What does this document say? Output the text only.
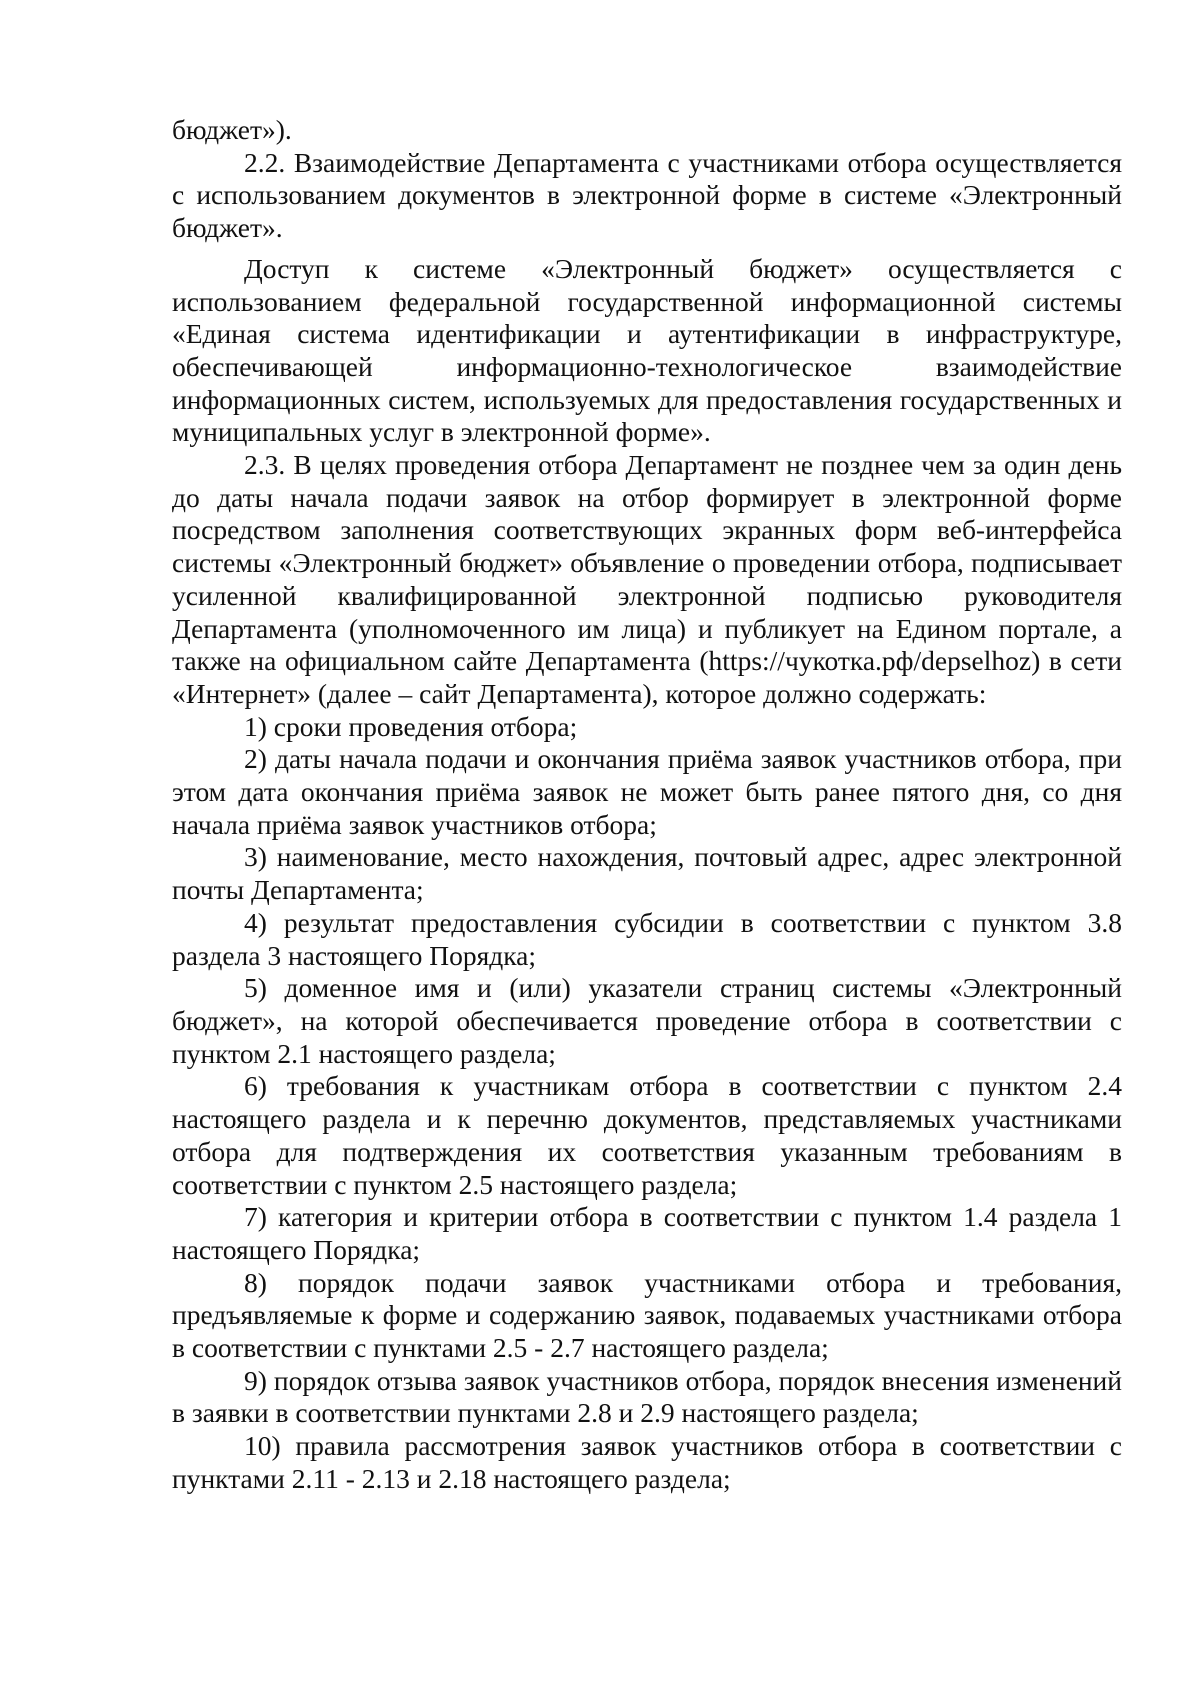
бюджет»).

2.2. Взаимодействие Департамента с участниками отбора осуществляется с использованием документов в электронной форме в системе «Электронный бюджет».

Доступ к системе «Электронный бюджет» осуществляется с использованием федеральной государственной информационной системы «Единая система идентификации и аутентификации в инфраструктуре, обеспечивающей информационно-технологическое взаимодействие информационных систем, используемых для предоставления государственных и муниципальных услуг в электронной форме».

2.3. В целях проведения отбора Департамент не позднее чем за один день до даты начала подачи заявок на отбор формирует в электронной форме посредством заполнения соответствующих экранных форм веб-интерфейса системы «Электронный бюджет» объявление о проведении отбора, подписывает усиленной квалифицированной электронной подписью руководителя Департамента (уполномоченного им лица) и публикует на Едином портале, а также на официальном сайте Департамента (https://чукотка.рф/depselhoz) в сети «Интернет» (далее – сайт Департамента), которое должно содержать:

1) сроки проведения отбора;

2) даты начала подачи и окончания приёма заявок участников отбора, при этом дата окончания приёма заявок не может быть ранее пятого дня, со дня начала приёма заявок участников отбора;

3) наименование, место нахождения, почтовый адрес, адрес электронной почты Департамента;

4) результат предоставления субсидии в соответствии с пунктом 3.8 раздела 3 настоящего Порядка;

5) доменное имя и (или) указатели страниц системы «Электронный бюджет», на которой обеспечивается проведение отбора в соответствии с пунктом 2.1 настоящего раздела;

6) требования к участникам отбора в соответствии с пунктом 2.4 настоящего раздела и к перечню документов, представляемых участниками отбора для подтверждения их соответствия указанным требованиям в соответствии с пунктом 2.5 настоящего раздела;

7) категория и критерии отбора в соответствии с пунктом 1.4 раздела 1 настоящего Порядка;

8) порядок подачи заявок участниками отбора и требования, предъявляемые к форме и содержанию заявок, подаваемых участниками отбора в соответствии с пунктами 2.5 - 2.7 настоящего раздела;

9) порядок отзыва заявок участников отбора, порядок внесения изменений в заявки в соответствии пунктами 2.8 и 2.9 настоящего раздела;

10) правила рассмотрения заявок участников отбора в соответствии с пунктами 2.11 - 2.13 и 2.18 настоящего раздела;
